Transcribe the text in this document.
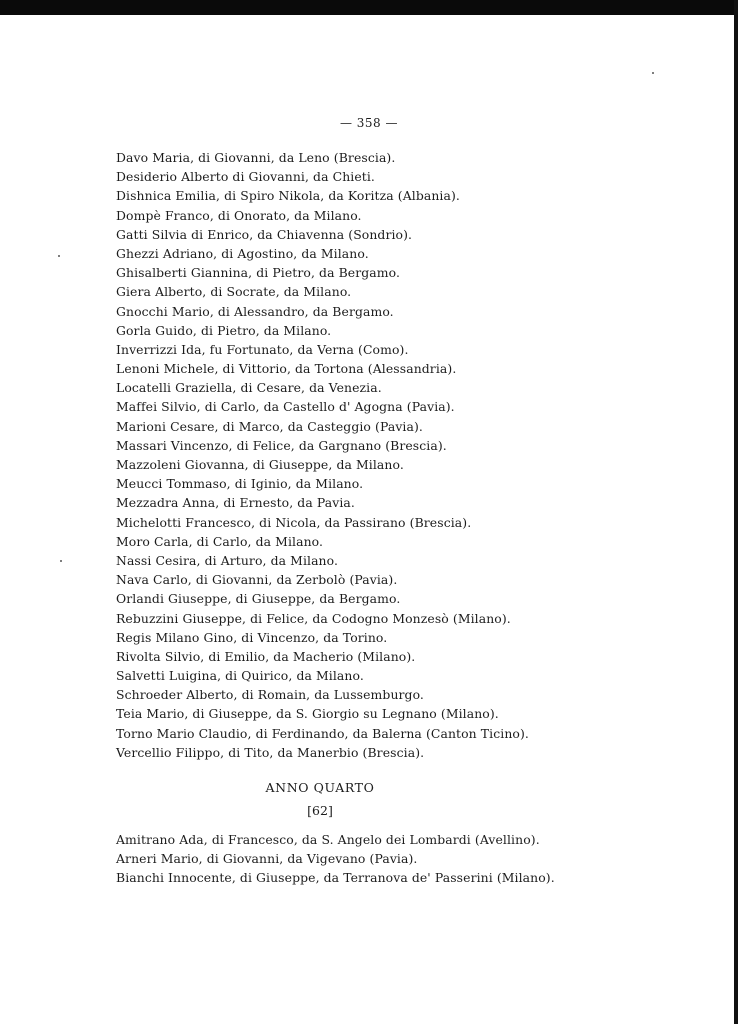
— 358 —
Davo Maria, di Giovanni, da Leno (Brescia).
Desiderio Alberto di Giovanni, da Chieti.
Dishnica Emilia, di Spiro Nikola, da Koritza (Albania).
Dompè Franco, di Onorato, da Milano.
Gatti Silvia di Enrico, da Chiavenna (Sondrio).
Ghezzi Adriano, di Agostino, da Milano.
Ghisalberti Giannina, di Pietro, da Bergamo.
Giera Alberto, di Socrate, da Milano.
Gnocchi Mario, di Alessandro, da Bergamo.
Gorla Guido, di Pietro, da Milano.
Inverrizzi Ida, fu Fortunato, da Verna (Como).
Lenoni Michele, di Vittorio, da Tortona (Alessandria).
Locatelli Graziella, di Cesare, da Venezia.
Maffei Silvio, di Carlo, da Castello d' Agogna (Pavia).
Marioni Cesare, di Marco, da Casteggio (Pavia).
Massari Vincenzo, di Felice, da Gargnano (Brescia).
Mazzoleni Giovanna, di Giuseppe, da Milano.
Meucci Tommaso, di Iginio, da Milano.
Mezzadra Anna, di Ernesto, da Pavia.
Michelotti Francesco, di Nicola, da Passirano (Brescia).
Moro Carla, di Carlo, da Milano.
Nassi Cesira, di Arturo, da Milano.
Nava Carlo, di Giovanni, da Zerbolò (Pavia).
Orlandi Giuseppe, di Giuseppe, da Bergamo.
Rebuzzini Giuseppe, di Felice, da Codogno Monzesò (Milano).
Regis Milano Gino, di Vincenzo, da Torino.
Rivolta Silvio, di Emilio, da Macherio (Milano).
Salvetti Luigina, di Quirico, da Milano.
Schroeder Alberto, di Romain, da Lussemburgo.
Teia Mario, di Giuseppe, da S. Giorgio su Legnano (Milano).
Torno Mario Claudio, di Ferdinando, da Balerna (Canton Ticino).
Vercellio Filippo, di Tito, da Manerbio (Brescia).
ANNO QUARTO
[62]
Amitrano Ada, di Francesco, da S. Angelo dei Lombardi (Avellino).
Arneri Mario, di Giovanni, da Vigevano (Pavia).
Bianchi Innocente, di Giuseppe, da Terranova de' Passerini (Milano).
